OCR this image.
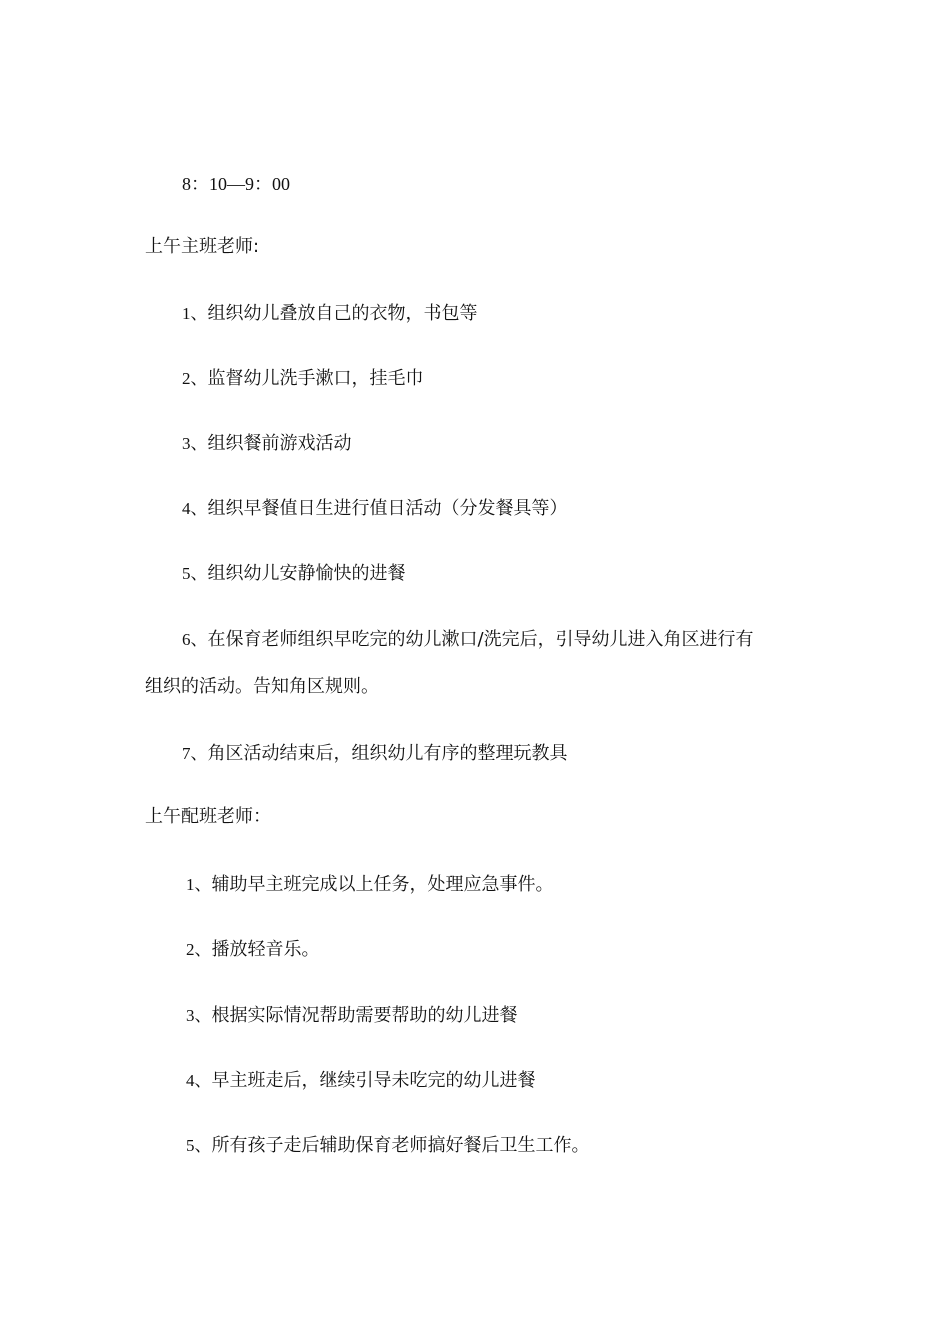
8：10—9：00
上午主班老师:
1、组织幼儿叠放自己的衣物，书包等
2、监督幼儿洗手漱口，挂毛巾
3、组织餐前游戏活动
4、组织早餐值日生进行值日活动（分发餐具等）
5、组织幼儿安静愉快的进餐
6、在保育老师组织早吃完的幼儿漱口/洗完后，引导幼儿进入角区进行有
组织的活动。告知角区规则。
7、角区活动结束后，组织幼儿有序的整理玩教具
上午配班老师：
1、辅助早主班完成以上任务，处理应急事件。
2、播放轻音乐。
3、根据实际情况帮助需要帮助的幼儿进餐
4、早主班走后，继续引导未吃完的幼儿进餐
5、所有孩子走后辅助保育老师搞好餐后卫生工作。
